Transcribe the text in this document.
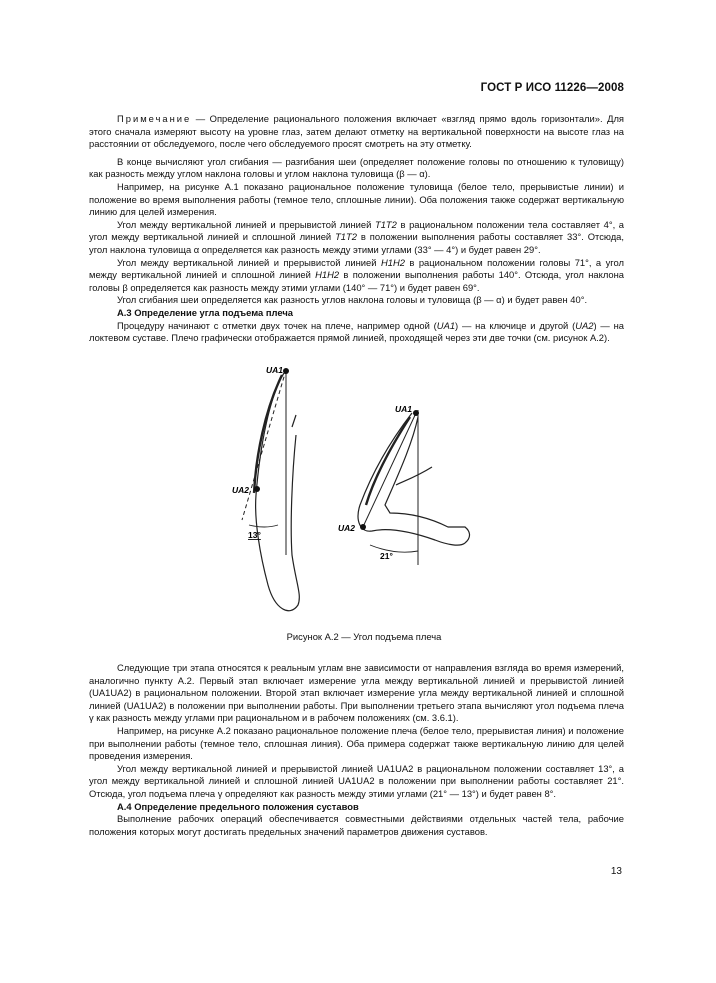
ГОСТ Р ИСО 11226—2008

Примечание — Определение рационального положения включает «взгляд прямо вдоль горизонтали». Для этого сначала измеряют высоту на уровне глаз, затем делают отметку на вертикальной поверхности на высоте глаз на расстоянии от обследуемого, после чего обследуемого просят смотреть на эту отметку.

В конце вычисляют угол сгибания — разгибания шеи (определяет положение головы по отношению к туловищу) как разность между углом наклона головы и углом наклона туловища (β — α).

Например, на рисунке А.1 показано рациональное положение туловища (белое тело, прерывистые линии) и положение во время выполнения работы (темное тело, сплошные линии). Оба положения также содержат вертикальную линию для целей измерения.

Угол между вертикальной линией и прерывистой линией T1T2 в рациональном положении тела составляет 4°, а угол между вертикальной линией и сплошной линией T1T2 в положении выполнения работы составляет 33°. Отсюда, угол наклона туловища α определяется как разность между этими углами (33° — 4°) и будет равен 29°.

Угол между вертикальной линией и прерывистой линией H1H2 в рациональном положении головы 71°, а угол между вертикальной линией и сплошной линией H1H2 в положении выполнения работы 140°. Отсюда, угол наклона головы β определяется как разность между этими углами (140° — 71°) и будет равен 69°.

Угол сгибания шеи определяется как разность углов наклона головы и туловища (β — α) и будет равен 40°.

А.3 Определение угла подъема плеча

Процедуру начинают с отметки двух точек на плече, например одной (UA1) — на ключице и другой (UA2) — на локтевом суставе. Плечо графически отображается прямой линией, проходящей через эти две точки (см. рисунок А.2).

UA1
UA2
13°
UA1
UA2
21°
Рисунок А.2 — Угол подъема плеча

Следующие три этапа относятся к реальным углам вне зависимости от направления взгляда во время измерений, аналогично пункту А.2. Первый этап включает измерение угла между вертикальной линией и прерывистой линией (UA1UA2) в рациональном положении. Второй этап включает измерение угла между вертикальной линией и сплошной линией (UA1UA2) в положении при выполнении работы. При выполнении третьего этапа вычисляют угол подъема плеча γ как разность между углами при рациональном и в рабочем положениях (см. 3.6.1).

Например, на рисунке А.2 показано рациональное положение плеча (белое тело, прерывистая линия) и положение при выполнении работы (темное тело, сплошная линия). Оба примера содержат также вертикальную линию для целей проведения измерения.

Угол между вертикальной линией и прерывистой линией UA1UA2 в рациональном положении составляет 13°, а угол между вертикальной линией и сплошной линией UA1UA2 в положении при выполнении работы составляет 21°. Отсюда, угол подъема плеча γ определяют как разность между этими углами (21° — 13°) и будет равен 8°.

А.4 Определение предельного положения суставов

Выполнение рабочих операций обеспечивается совместными действиями отдельных частей тела, рабочие положения которых могут достигать предельных значений параметров движения суставов.

13
